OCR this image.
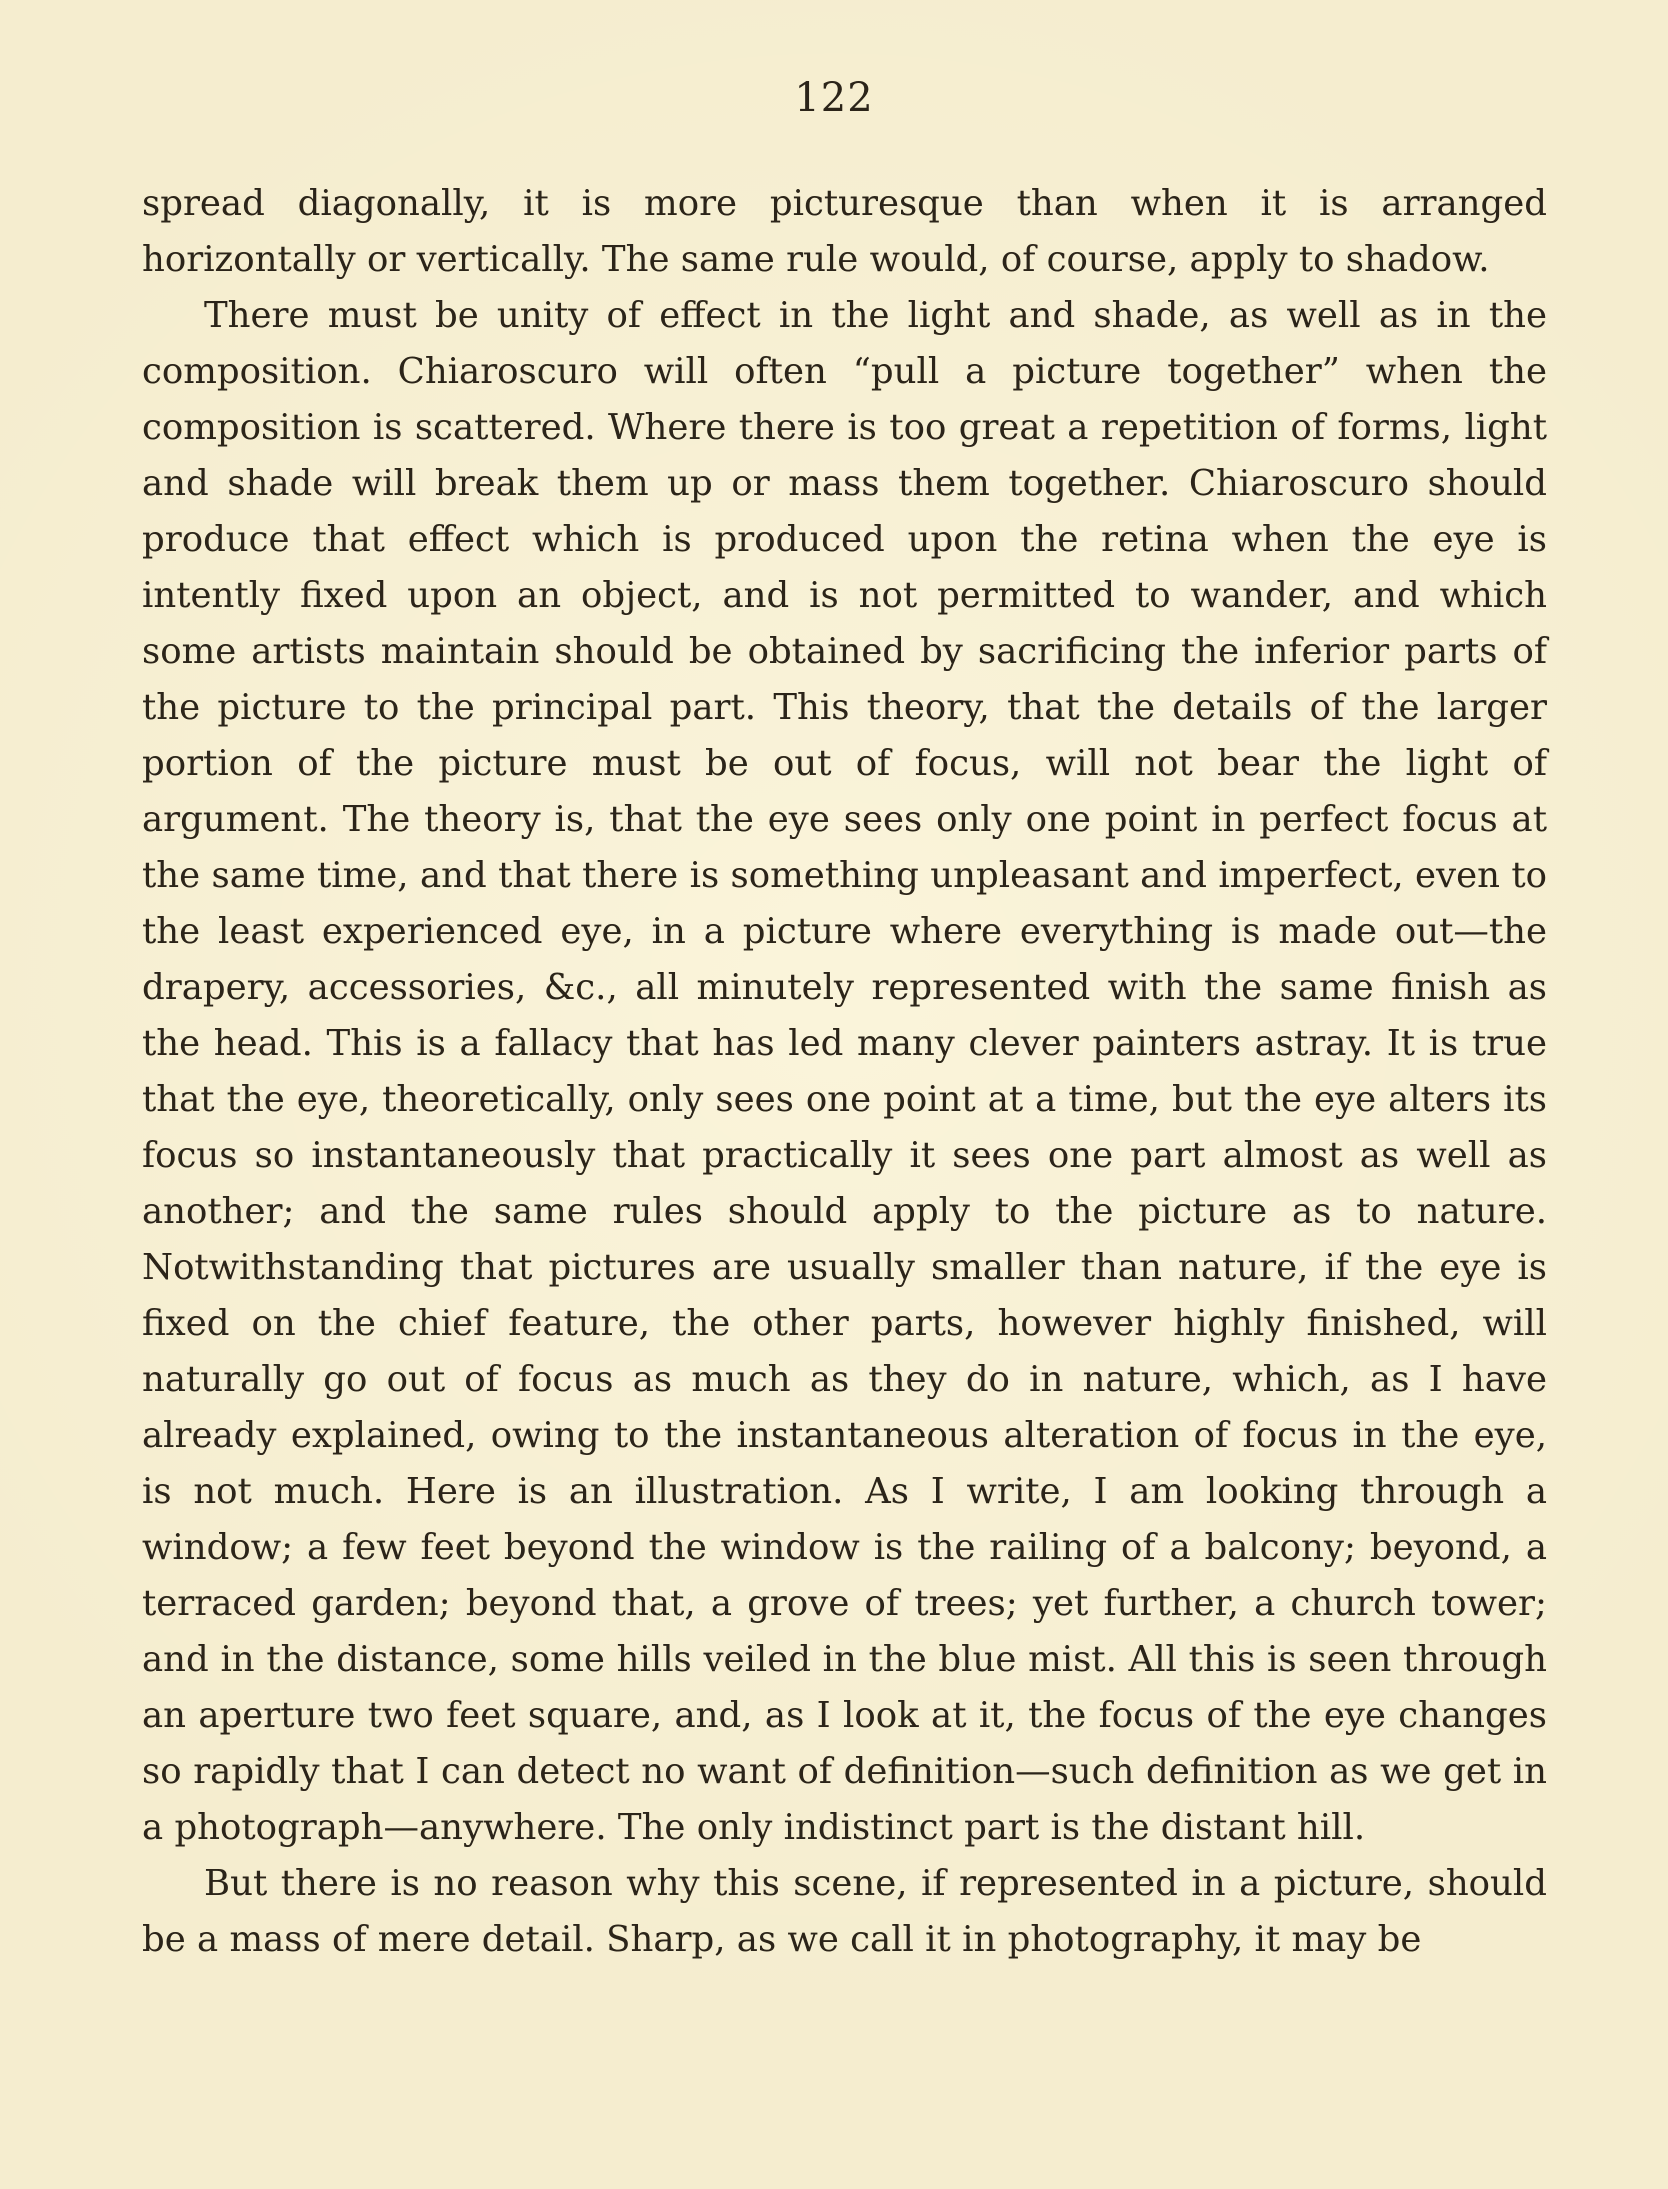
122

spread diagonally, it is more picturesque than when it is arranged horizontally or vertically. The same rule would, of course, apply to shadow.

There must be unity of effect in the light and shade, as well as in the composition. Chiaroscuro will often “pull a picture together” when the composition is scattered. Where there is too great a repetition of forms, light and shade will break them up or mass them together. Chiaroscuro should produce that effect which is produced upon the retina when the eye is intently fixed upon an object, and is not permitted to wander, and which some artists maintain should be obtained by sacrificing the inferior parts of the picture to the principal part. This theory, that the details of the larger portion of the picture must be out of focus, will not bear the light of argument. The theory is, that the eye sees only one point in perfect focus at the same time, and that there is something unpleasant and imperfect, even to the least experienced eye, in a picture where everything is made out—the drapery, accessories, &c., all minutely represented with the same finish as the head. This is a fallacy that has led many clever painters astray. It is true that the eye, theoretically, only sees one point at a time, but the eye alters its focus so instantaneously that practically it sees one part almost as well as another; and the same rules should apply to the picture as to nature. Notwithstanding that pictures are usually smaller than nature, if the eye is fixed on the chief feature, the other parts, however highly finished, will naturally go out of focus as much as they do in nature, which, as I have already explained, owing to the instantaneous alteration of focus in the eye, is not much. Here is an illustration. As I write, I am looking through a window; a few feet beyond the window is the railing of a balcony; beyond, a terraced garden; beyond that, a grove of trees; yet further, a church tower; and in the distance, some hills veiled in the blue mist. All this is seen through an aperture two feet square, and, as I look at it, the focus of the eye changes so rapidly that I can detect no want of definition—such definition as we get in a photograph—anywhere. The only indistinct part is the distant hill.

But there is no reason why this scene, if represented in a picture, should be a mass of mere detail. Sharp, as we call it in photography, it may be
